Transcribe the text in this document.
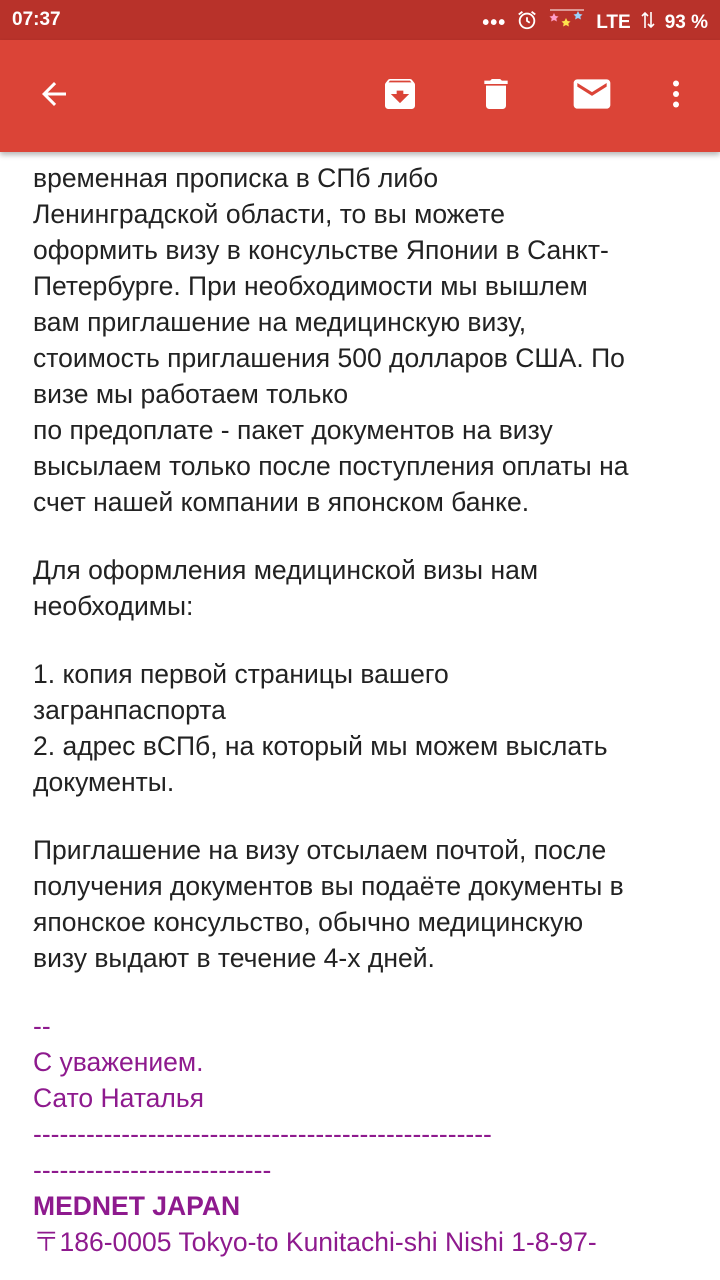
временная прописка в СПб либо

Ленинградской области, то вы можете

оформить визу в консульстве Японии в Санкт-

Петербурге. При необходимости мы вышлем

вам приглашение на медицинскую визу,

стоимость приглашения 500 долларов США. По

визе мы работаем только

по предоплате - пакет документов на визу

высылаем только после поступления оплаты на

счет нашей компании в японском банке.

Для оформления медицинской визы нам

необходимы:

1. копия первой страницы вашего

загранпаспорта

2. адрес вСПб, на который мы можем выслать

документы.

Приглашение на визу отсылаем почтой, после

получения документов вы подаёте документы в

японское консульство, обычно медицинскую

визу выдают в течение 4-х дней.

--

С уважением.

Сато Наталья

----------------------------------------------------

---------------------------

MEDNET JAPAN

〒186-0005 Tokyo-to Kunitachi-shi Nishi 1-8-97-

07:37	•••	LTE 93 %
